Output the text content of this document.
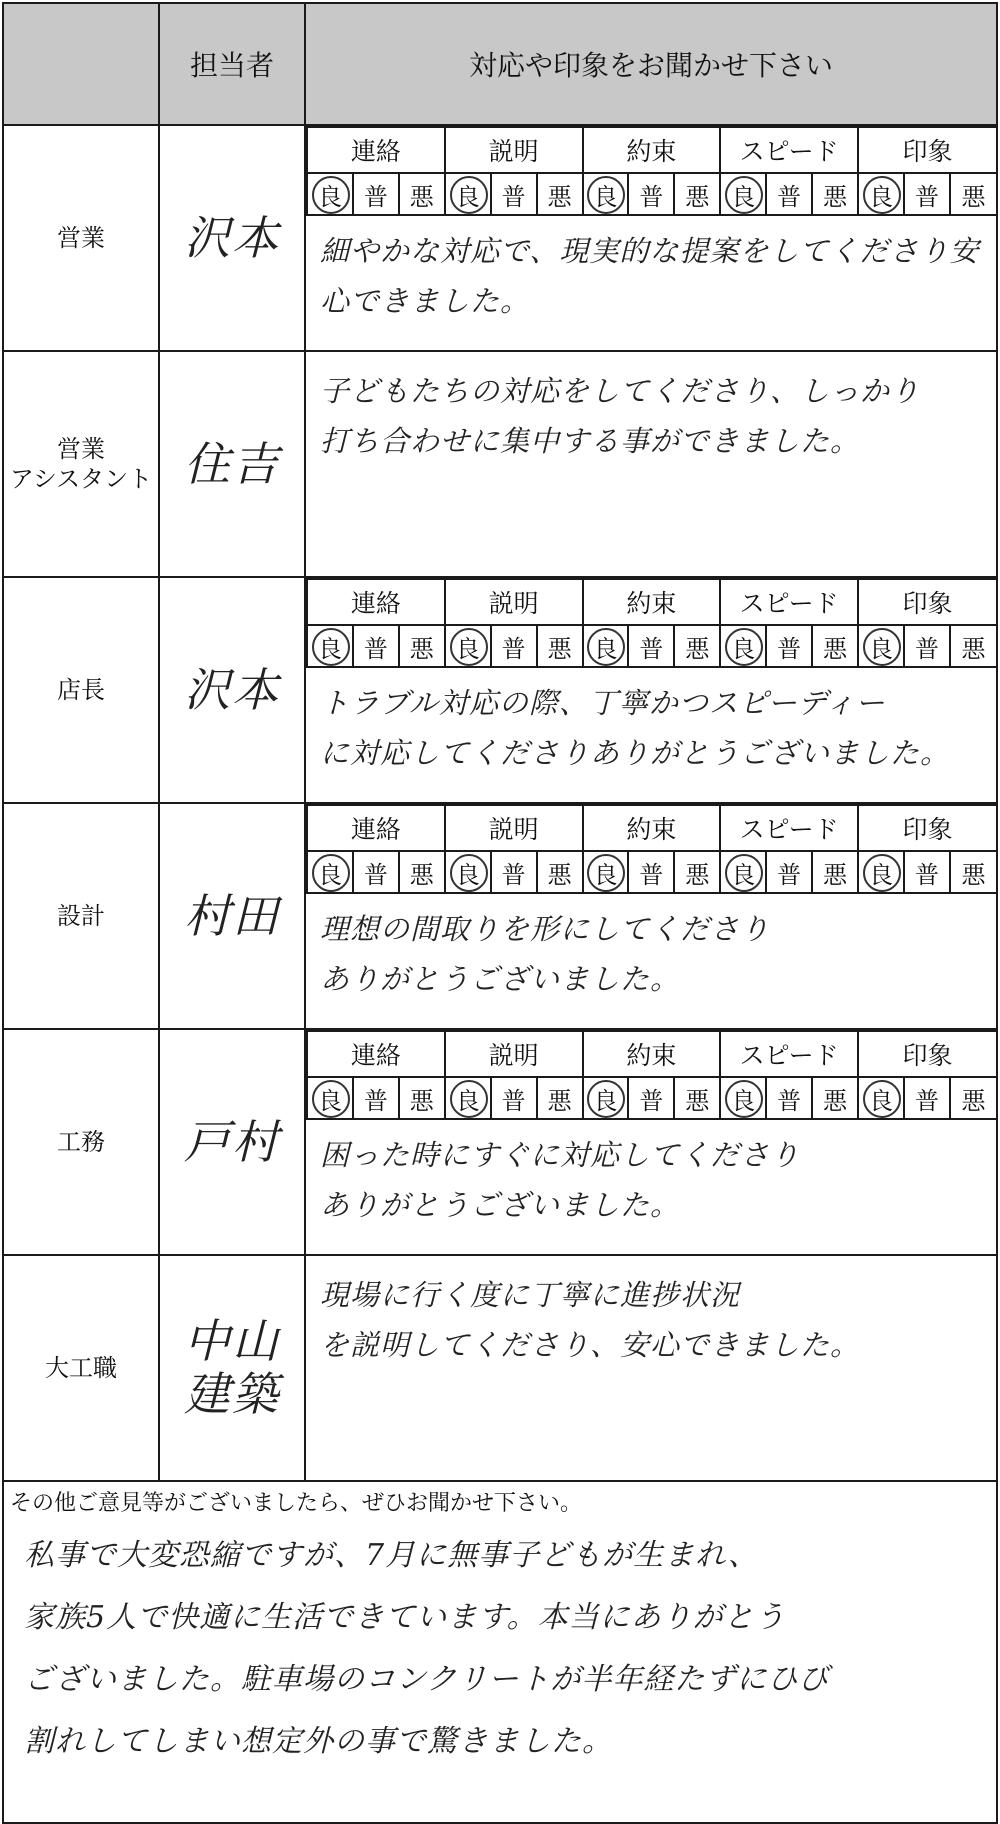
	担当者	対応や印象をお聞かせ下さい
営業	沢本

連絡	説明	約束	スピード	印象
良	普	悪	良	普	悪	良	普	悪	良	普	悪	良	普	悪
細やかな対応で、現実的な提案をしてくださり安心できました。

営業
アシスタント	住吉

子どもたちの対応をしてくださり、しっかり
打ち合わせに集中する事ができました。

店長	沢本

連絡	説明	約束	スピード	印象
良	普	悪	良	普	悪	良	普	悪	良	普	悪	良	普	悪
トラブル対応の際、丁寧かつスピーディー
に対応してくださりありがとうございました。

設計	村田

連絡	説明	約束	スピード	印象
良	普	悪	良	普	悪	良	普	悪	良	普	悪	良	普	悪
理想の間取りを形にしてくださり
ありがとうございました。

工務	戸村

連絡	説明	約束	スピード	印象
良	普	悪	良	普	悪	良	普	悪	良	普	悪	良	普	悪
困った時にすぐに対応してくださり
ありがとうございました。

大工職	中山
建築

現場に行く度に丁寧に進捗状況
を説明してくださり、安心できました。

その他ご意見等がございましたら、ぜひお聞かせ下さい。
私事で大変恐縮ですが、7月に無事子どもが生まれ、
家族5人で快適に生活できています。本当にありがとう
ございました。駐車場のコンクリートが半年経たずにひび
割れしてしまい想定外の事で驚きました。
